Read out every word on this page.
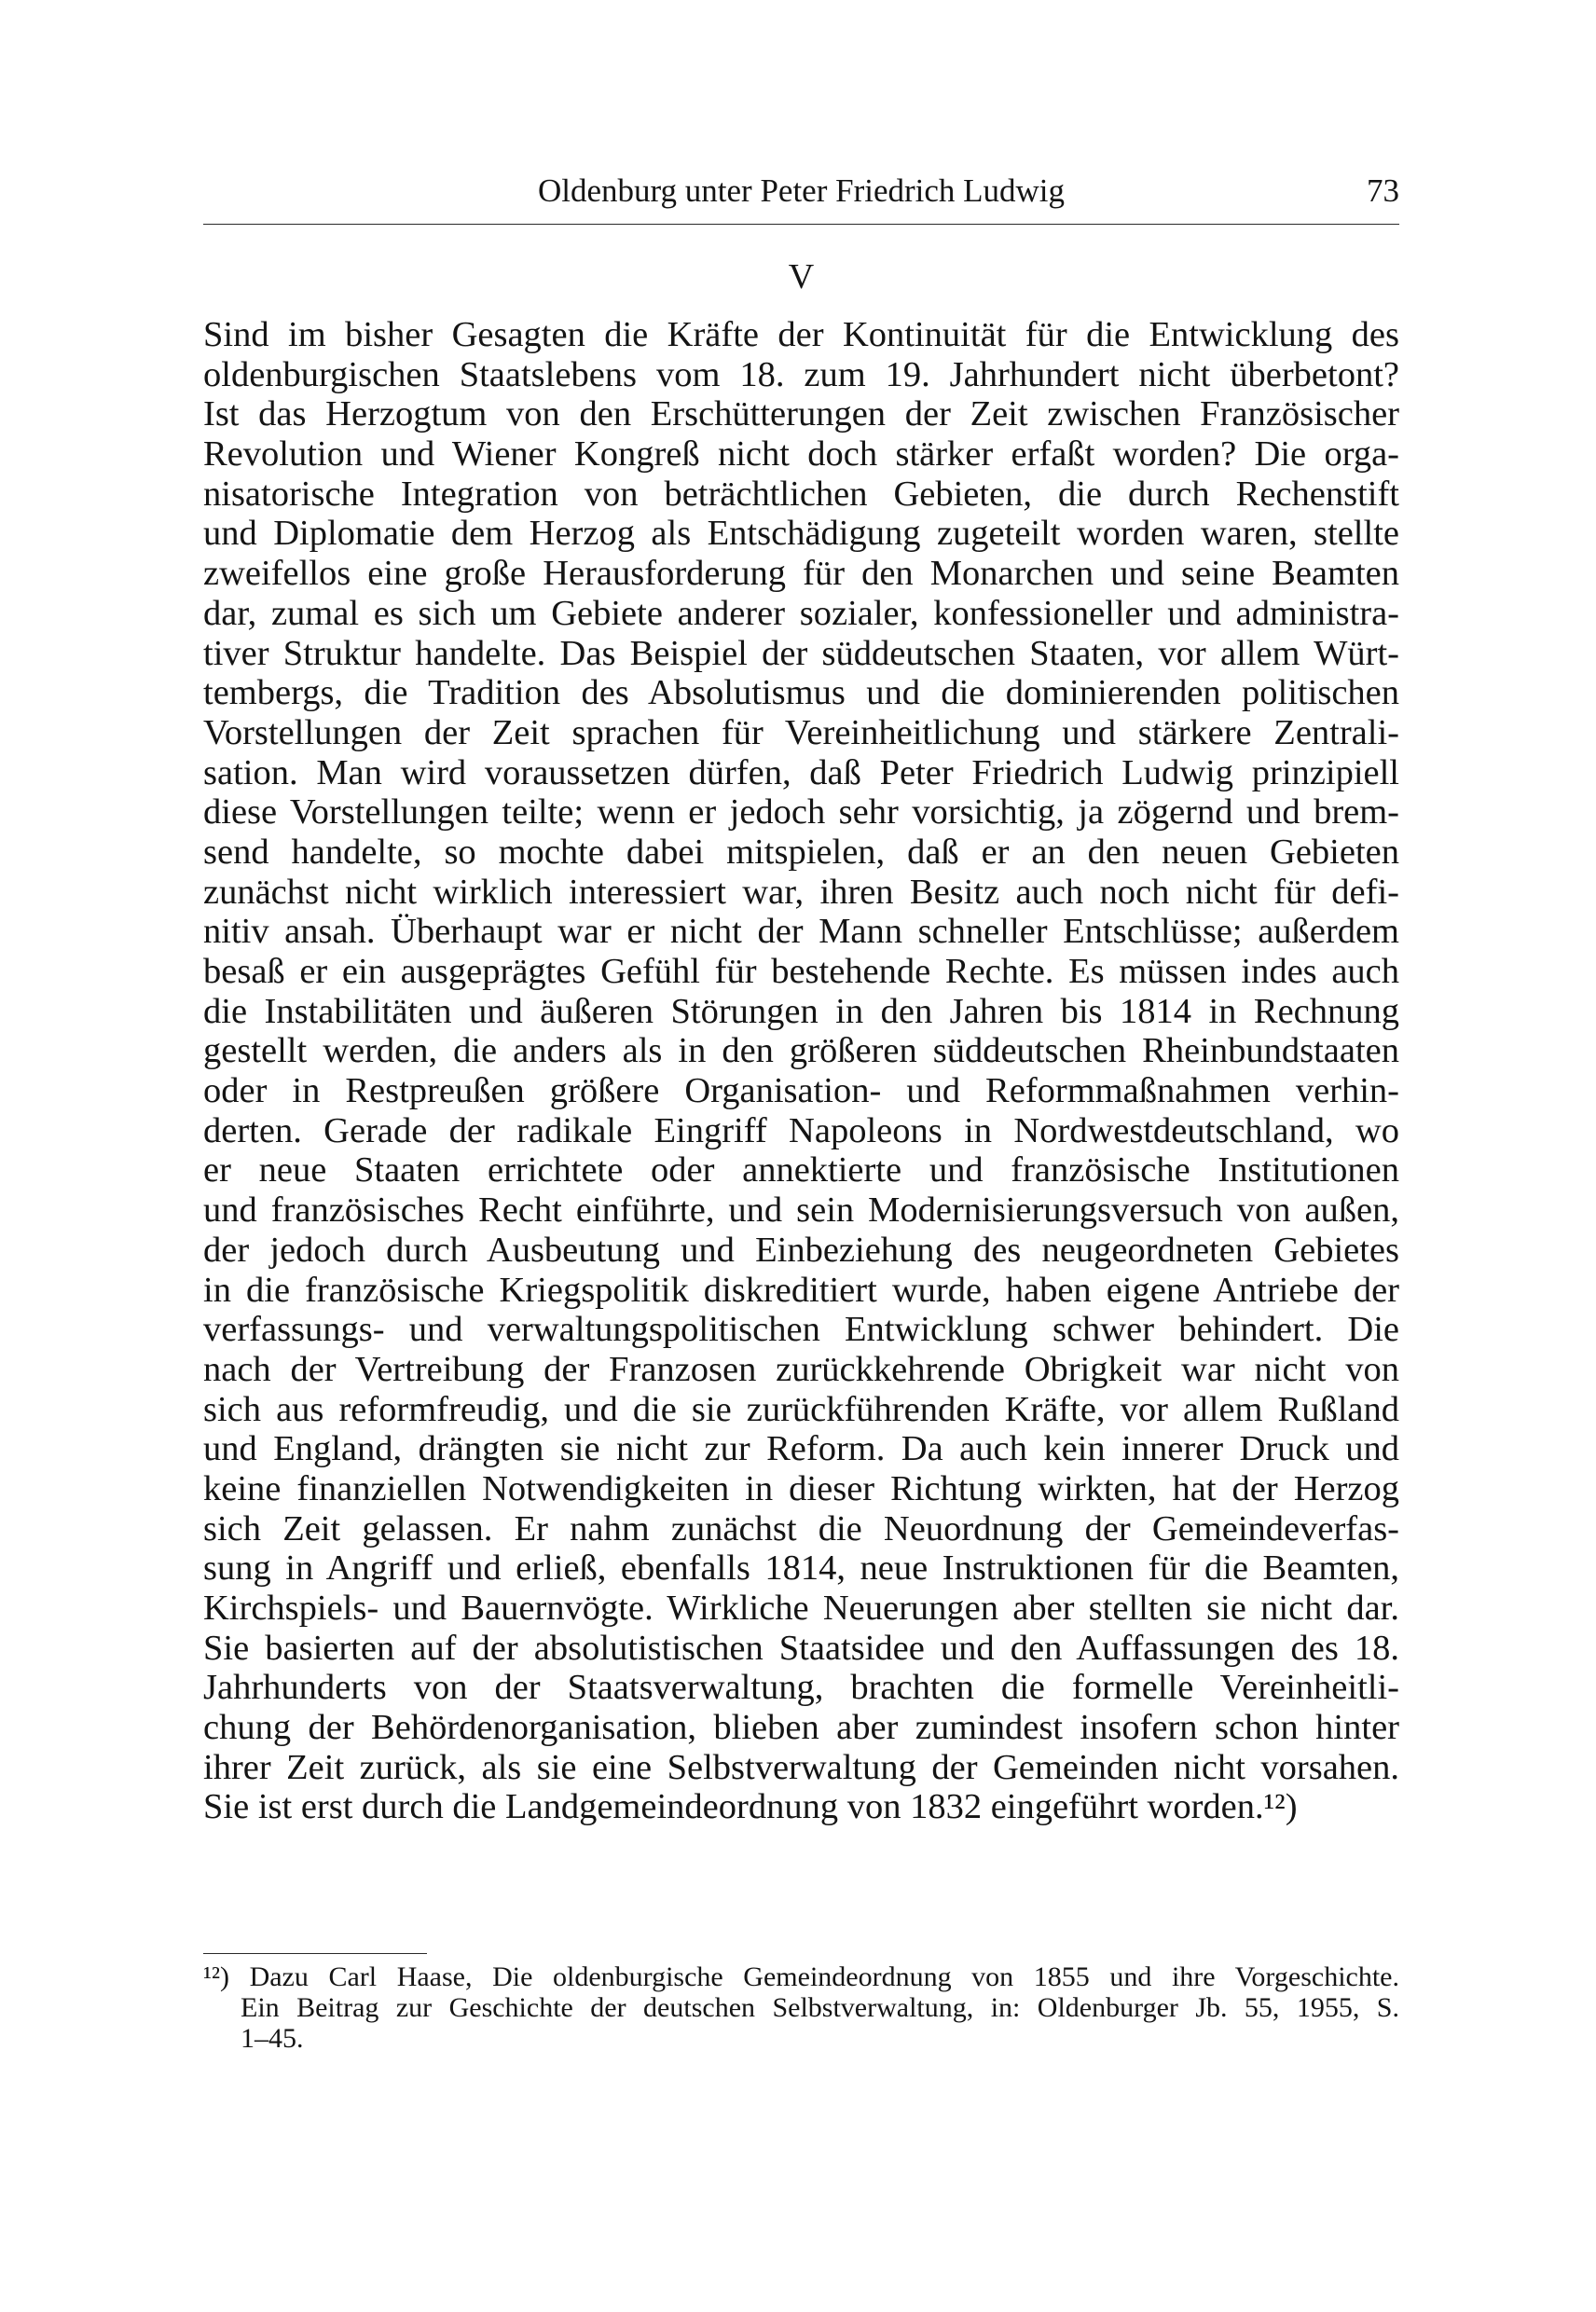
Oldenburg unter Peter Friedrich Ludwig	73
V
Sind im bisher Gesagten die Kräfte der Kontinuität für die Entwicklung des
oldenburgischen Staatslebens vom 18. zum 19. Jahrhundert nicht überbetont?
Ist das Herzogtum von den Erschütterungen der Zeit zwischen Französischer
Revolution und Wiener Kongreß nicht doch stärker erfaßt worden? Die orga-
nisatorische Integration von beträchtlichen Gebieten, die durch Rechenstift
und Diplomatie dem Herzog als Entschädigung zugeteilt worden waren, stellte
zweifellos eine große Herausforderung für den Monarchen und seine Beamten
dar, zumal es sich um Gebiete anderer sozialer, konfessioneller und administra-
tiver Struktur handelte. Das Beispiel der süddeutschen Staaten, vor allem Würt-
tembergs, die Tradition des Absolutismus und die dominierenden politischen
Vorstellungen der Zeit sprachen für Vereinheitlichung und stärkere Zentrali-
sation. Man wird voraussetzen dürfen, daß Peter Friedrich Ludwig prinzipiell
diese Vorstellungen teilte; wenn er jedoch sehr vorsichtig, ja zögernd und brem-
send handelte, so mochte dabei mitspielen, daß er an den neuen Gebieten
zunächst nicht wirklich interessiert war, ihren Besitz auch noch nicht für defi-
nitiv ansah. Überhaupt war er nicht der Mann schneller Entschlüsse; außerdem
besaß er ein ausgeprägtes Gefühl für bestehende Rechte. Es müssen indes auch
die Instabilitäten und äußeren Störungen in den Jahren bis 1814 in Rechnung
gestellt werden, die anders als in den größeren süddeutschen Rheinbundstaaten
oder in Restpreußen größere Organisation- und Reformmaßnahmen verhin-
derten. Gerade der radikale Eingriff Napoleons in Nordwestdeutschland, wo
er neue Staaten errichtete oder annektierte und französische Institutionen
und französisches Recht einführte, und sein Modernisierungsversuch von außen,
der jedoch durch Ausbeutung und Einbeziehung des neugeordneten Gebietes
in die französische Kriegspolitik diskreditiert wurde, haben eigene Antriebe der
verfassungs- und verwaltungspolitischen Entwicklung schwer behindert. Die
nach der Vertreibung der Franzosen zurückkehrende Obrigkeit war nicht von
sich aus reformfreudig, und die sie zurückführenden Kräfte, vor allem Rußland
und England, drängten sie nicht zur Reform. Da auch kein innerer Druck und
keine finanziellen Notwendigkeiten in dieser Richtung wirkten, hat der Herzog
sich Zeit gelassen. Er nahm zunächst die Neuordnung der Gemeindeverfas-
sung in Angriff und erließ, ebenfalls 1814, neue Instruktionen für die Beamten,
Kirchspiels- und Bauernvögte. Wirkliche Neuerungen aber stellten sie nicht dar.
Sie basierten auf der absolutistischen Staatsidee und den Auffassungen des 18.
Jahrhunderts von der Staatsverwaltung, brachten die formelle Vereinheitli-
chung der Behördenorganisation, blieben aber zumindest insofern schon hinter
ihrer Zeit zurück, als sie eine Selbstverwaltung der Gemeinden nicht vorsahen.
Sie ist erst durch die Landgemeindeordnung von 1832 eingeführt worden.¹²)
¹²) Dazu Carl Haase, Die oldenburgische Gemeindeordnung von 1855 und ihre Vorgeschichte.
Ein Beitrag zur Geschichte der deutschen Selbstverwaltung, in: Oldenburger Jb. 55, 1955, S.
1–45.
